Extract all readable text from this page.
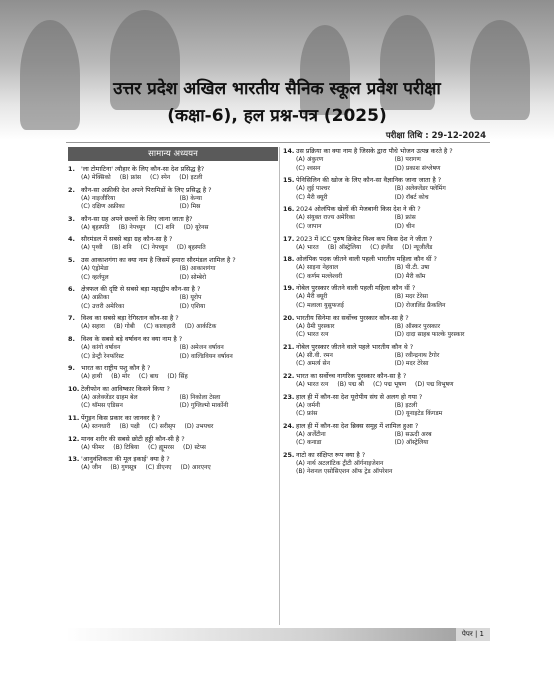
उत्तर प्रदेश अखिल भारतीय सैनिक स्कूल प्रवेश परीक्षा
(कक्षा-6), हल प्रश्न-पत्र (2025)
परीक्षा तिथि : 29-12-2024
सामान्य अध्ययन
1. 'ला टोमाटिना' त्यौहार के लिए कौन-सा देश प्रसिद्ध है?
(A) मेक्सिको (B) फ्रांस (C) स्पेन (D) इटली
2. कौन-सा अफ्रीकी देश अपने पिरामिडों के लिए प्रसिद्ध है ?
(A) नाइजीरिया	(B) केन्या
(C) दक्षिण अफ्रीका	(D) मिस्र
3. कौन-सा ग्रह अपने छल्लों के लिए जाना जाता है?
(A) बृहस्पति (B) नेपच्यून (C) शनि (D) यूरेनस
4. सौरमंडल में सबसे बड़ा ग्रह कौन-सा है ?
(A) पृथ्वी (B) शनि (C) नेपच्यून (D) बृहस्पति
5. उस आकाशगंगा का क्या नाम है जिसमें हमारा सौरमंडल शामिल है ?
(A) एंड्रोमेडा	(B) आकाशगंगा
(C) व्हर्लपूल	(D) सोम्बेरो
6. क्षेत्रफल की दृष्टि से सबसे बड़ा महाद्वीप कौन-सा है ?
(A) अफ्रीका	(B) यूरोप
(C) उत्तरी अमेरिका	(D) एशिया
7. विश्व का सबसे बड़ा रेगिस्तान कौन-सा है ?
(A) सहारा (B) गोबी (C) कालाहारी (D) आर्कटिक
8. विश्व के सबसे बड़े वर्षावन का क्या नाम है ?
(A) कांगो वर्षावन	(B) अमेजन वर्षावन
(C) डेन्ट्री रेनफॉरेस्ट	(D) वाल्डिवियन वर्षावन
9. भारत का राष्ट्रीय पशु कौन है ?
(A) हाथी (B) मोर (C) बाघ (D) सिंह
10. टेलीफोन का आविष्कार किसने किया ?
(A) अलेक्जेंडर ग्राहम बेल	(B) निकोला टेस्ला
(C) थॉमस एडिसन	(D) गुग्लिल्मो मार्कोनी
11. पेंगुइन किस प्रकार का जानवर है ?
(A) स्तनधारी (B) पक्षी (C) सरीसृप (D) उभयचर
12. मानव शरीर की सबसे छोटी हड्डी कौन-सी है ?
(A) फीमर (B) टिबिया (C) ह्यूमरस (D) स्टेप्स
13. 'आनुवंशिकता की मूल इकाई' क्या है ?
(A) जीन (B) गुणसूत्र (C) डीएनए (D) आरएनए
14. उस प्रक्रिया का क्या नाम है जिसके द्वारा पौधे भोजन उत्पन्न करते है ?
(A) अंकुरण	(B) परागण
(C) श्वसन	(D) प्रकाश संश्लेषण
15. पेनिसिलिन की खोज के लिए कौन-सा वैज्ञानिक जाना जाता है ?
(A) लुई पाश्चर	(B) अलेक्जेंडर फ्लेमिंग
(C) मैरी क्यूरी	(D) रॉबर्ट कोच
16. 2024 ओलंपिक खेलों की मेजबानी किस देश ने की ?
(A) संयुक्त राज्य अमेरिका	(B) फ्रांस
(C) जापान	(D) चीन
17. 2023 में ICC पुरुष क्रिकेट विश्व कप किस देश ने जीता ?
(A) भारत (B) ऑस्ट्रेलिया (C) इंग्लैंड (D) न्यूजीलैंड
18. ओलंपिक पदक जीतने वाली पहली भारतीय महिला कौन थीं ?
(A) साइना नेहवाल	(B) पी.टी. उषा
(C) कर्णम मल्लेश्वरी	(D) मैरी कॉम
19. नोबेल पुरस्कार जीतने वाली पहली महिला कौन थीं ?
(A) मैरी क्यूरी	(B) मदर टेरेसा
(C) मलाला युसुफजई	(D) रोजालिंड फ्रैंकलिन
20. भारतीय सिनेमा का सर्वोच्च पुरस्कार कौन-सा है ?
(A) ग्रैमी पुरस्कार	(B) ऑस्कर पुरस्कार
(C) भारत रत्न	(D) दादा साहब फाल्के पुरस्कार
21. नोबेल पुरस्कार जीतने वाले पहले भारतीय कौन थे ?
(A) सी.वी. रमन	(B) रवीन्द्रनाथ टैगोर
(C) अमर्त्य सेन	(D) मदर टेरेसा
22. भारत का सर्वोच्च नागरिक पुरस्कार कौन-सा है ?
(A) भारत रत्न (B) पद्म श्री (C) पद्म भूषण (D) पद्म विभूषण
23. हाल ही में कौन-सा देश यूरोपीय संघ से अलग हो गया ?
(A) जर्मनी	(B) इटली
(C) फ्रांस	(D) यूनाइटेड किंगडम
24. हाल ही में कौन-सा देश ब्रिक्स समूह में शामिल हुआ ?
(A) अर्जेंटीना	(B) सऊदी अरब
(C) कनाडा	(D) ऑस्ट्रेलिया
25. नाटो का संक्षिप्त रूप क्या है ?
(A) नार्थ अटलांटिक ट्रीटी ऑर्गनाइजेशन
(B) नेशनल एसोसिएशन ऑफ ट्रेड ऑपरेशन
पेपर | 1
